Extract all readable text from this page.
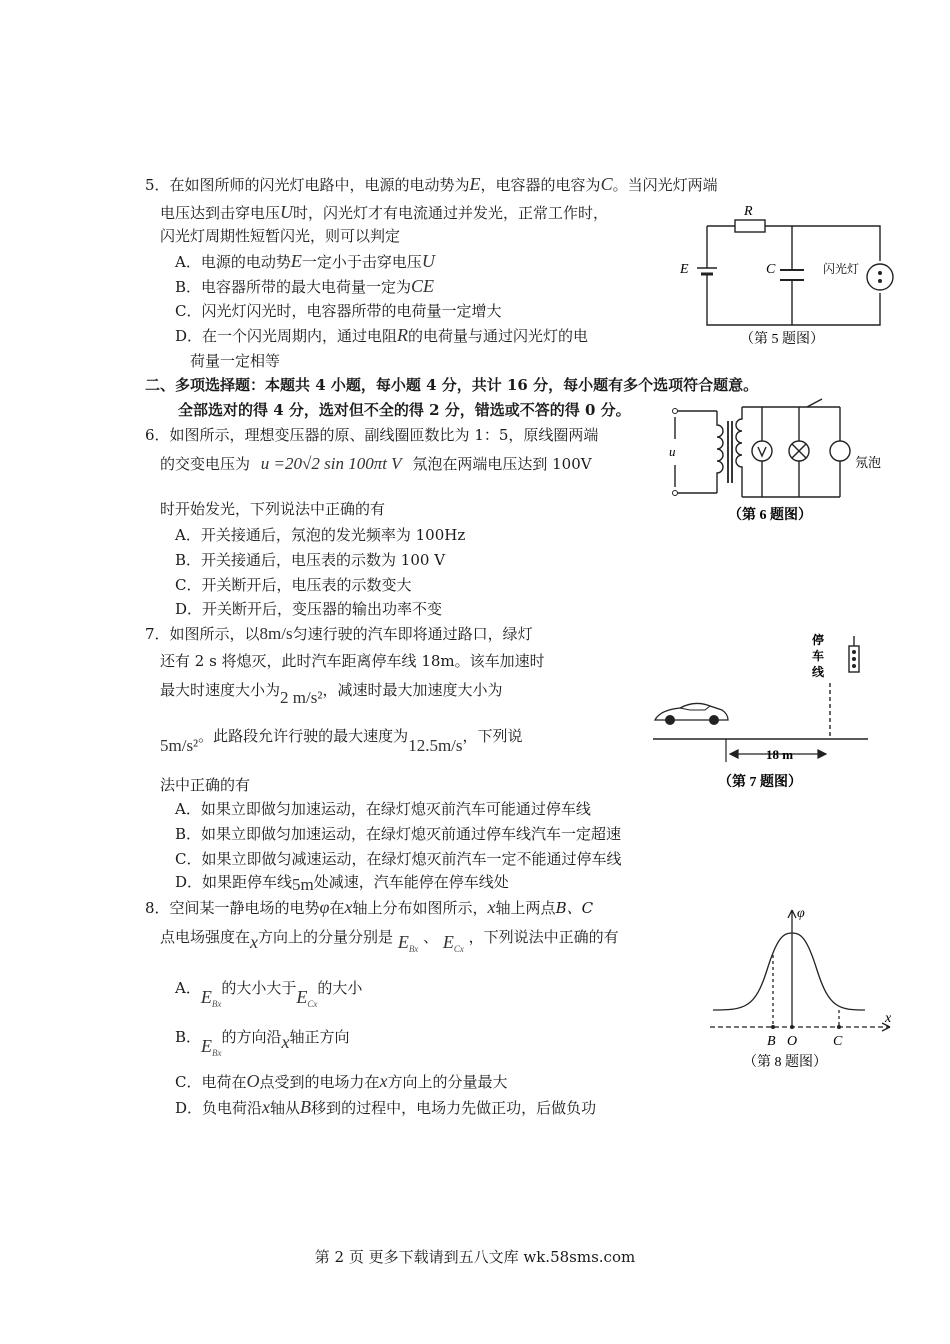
5．在如图所师的闪光灯电路中，电源的电动势为E，电容器的电容为C。当闪光灯两端
电压达到击穿电压U时，闪光灯才有电流通过并发光，正常工作时，
闪光灯周期性短暂闪光，则可以判定
A．电源的电动势E一定小于击穿电压U
B．电容器所带的最大电荷量一定为CE
C．闪光灯闪光时，电容器所带的电荷量一定增大
D．在一个闪光周期内，通过电阻R的电荷量与通过闪光灯的电
荷量一定相等
R
E	C	闪光灯
（第 5 题图）
二、多项选择题：本题共 4 小题，每小题 4 分，共计 16 分，每小题有多个选项符合题意。
全部选对的得 4 分，选对但不全的得 2 分，错选或不答的得 0 分。
6．如图所示，理想变压器的原、副线圈匝数比为 1：5，原线圈两端
的交变电压为 u =20√2 sin 100πt V 氖泡在两端电压达到 100V
时开始发光，下列说法中正确的有
A．开关接通后，氖泡的发光频率为 100Hz
B．开关接通后，电压表的示数为 100 V
C．开关断开后，电压表的示数变大
D．开关断开后，变压器的输出功率不变
u
氖泡
（第 6 题图）
7．如图所示，以8m/s匀速行驶的汽车即将通过路口，绿灯
还有 2 s 将熄灭，此时汽车距离停车线 18m。该车加速时
最大时速度大小为2 m/s²，减速时最大加速度大小为
5m/s²。此路段允许行驶的最大速度为12.5m/s，下列说
法中正确的有
A．如果立即做匀加速运动，在绿灯熄灭前汽车可能通过停车线
B．如果立即做匀加速运动，在绿灯熄灭前通过停车线汽车一定超速
C．如果立即做匀减速运动，在绿灯熄灭前汽车一定不能通过停车线
D．如果距停车线5m处减速，汽车能停在停车线处
停车线
18 m
（第 7 题图）
8．空间某一静电场的电势φ在x轴上分布如图所示，x轴上两点B、C
点电场强度在x方向上的分量分别是 $E_{Bx}$ 、 $E_{Cx}$ ，下列说法中正确的有
A．$E_{Bx}$的大小大于$E_{Cx}$的大小
B．$E_{Bx}$的方向沿x轴正方向
C．电荷在O点受到的电场力在x方向上的分量最大
D．负电荷沿x轴从B移到的过程中，电场力先做正功，后做负功
φ
x
B O	C
（第 8 题图）
第 2 页 更多下载请到五八文库 wk.58sms.com
